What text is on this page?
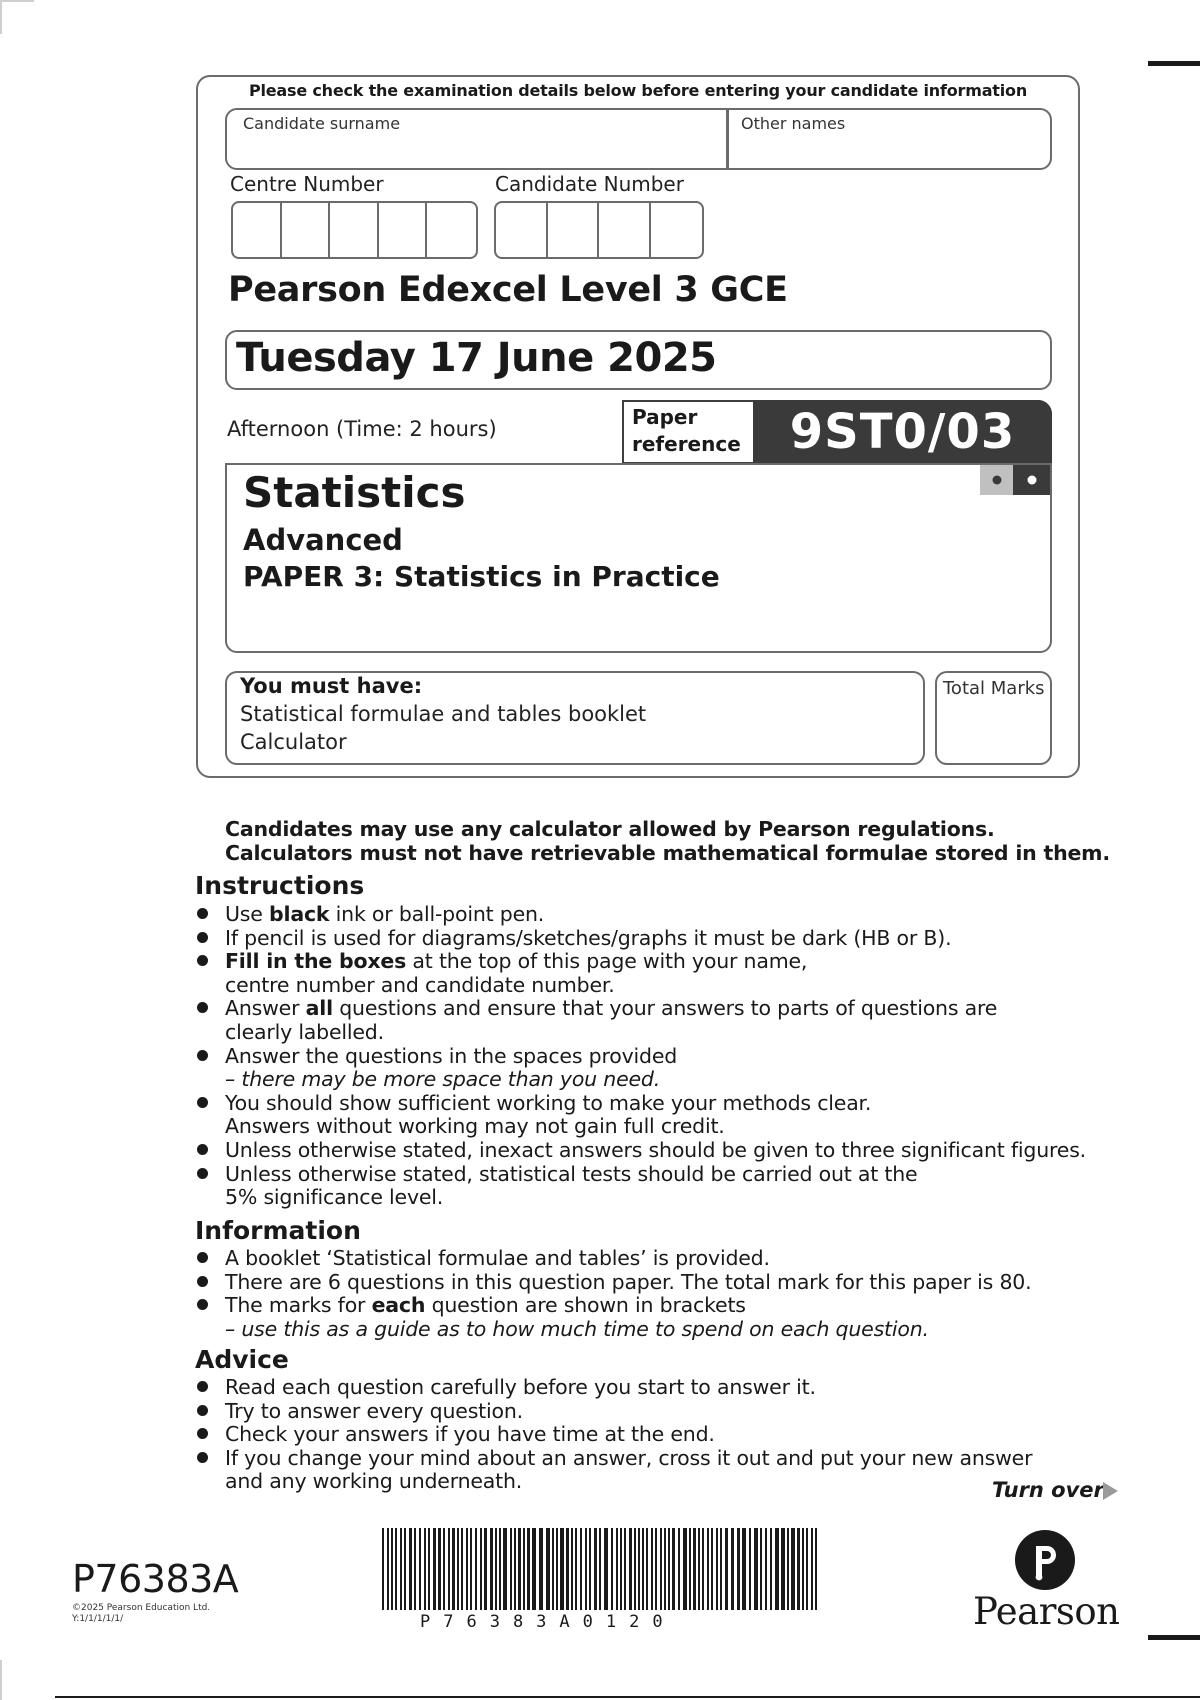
Please check the examination details below before entering your candidate information
Candidate surname	Other names
Centre Number	Candidate Number
Pearson Edexcel Level 3 GCE
Tuesday 17 June 2025
Afternoon (Time: 2 hours)	Paper
reference	9ST0/03
Statistics
Advanced
PAPER 3: Statistics in Practice
You must have:
Statistical formulae and tables booklet
Calculator
Total Marks
Candidates may use any calculator allowed by Pearson regulations.
Calculators must not have retrievable mathematical formulae stored in them.
Instructions
Use black ink or ball-point pen.
If pencil is used for diagrams/sketches/graphs it must be dark (HB or B).
Fill in the boxes at the top of this page with your name,
centre number and candidate number.
Answer all questions and ensure that your answers to parts of questions are
clearly labelled.
Answer the questions in the spaces provided
– there may be more space than you need.
You should show sufficient working to make your methods clear.
Answers without working may not gain full credit.
Unless otherwise stated, inexact answers should be given to three significant figures.
Unless otherwise stated, statistical tests should be carried out at the
5% significance level.
Information
A booklet ‘Statistical formulae and tables’ is provided.
There are 6 questions in this question paper. The total mark for this paper is 80.
The marks for each question are shown in brackets
– use this as a guide as to how much time to spend on each question.
Advice
Read each question carefully before you start to answer it.
Try to answer every question.
Check your answers if you have time at the end.
If you change your mind about an answer, cross it out and put your new answer
and any working underneath.	Turn over
P76383A
©2025 Pearson Education Ltd.
Y:1/1/1/1/1/	P76383A0120	Pearson
